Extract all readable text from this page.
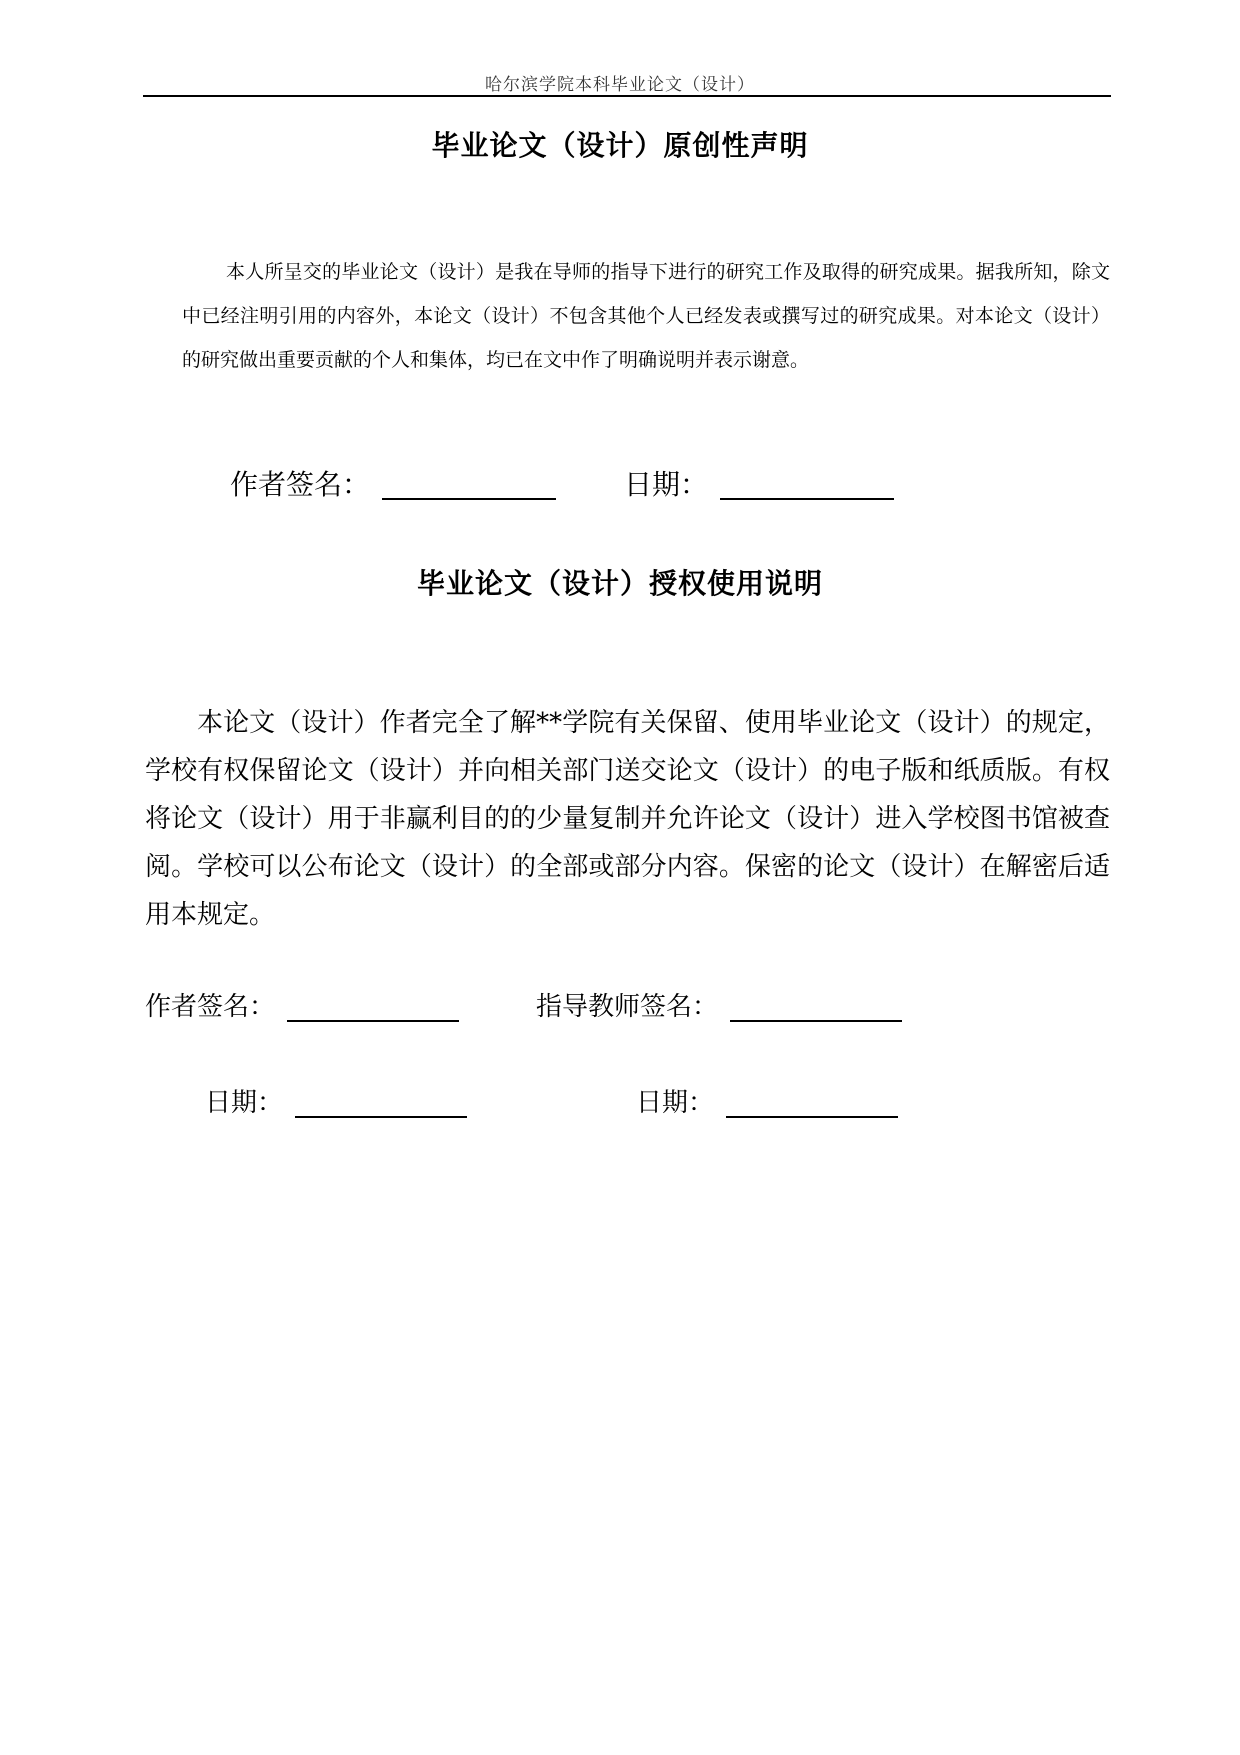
哈尔滨学院本科毕业论文（设计）
毕业论文（设计）原创性声明
本人所呈交的毕业论文（设计）是我在导师的指导下进行的研究工作及取得的研究成果。据我所知，除文中已经注明引用的内容外，本论文（设计）不包含其他个人已经发表或撰写过的研究成果。对本论文（设计）的研究做出重要贡献的个人和集体，均已在文中作了明确说明并表示谢意。
作者签名：	日期：
毕业论文（设计）授权使用说明
本论文（设计）作者完全了解**学院有关保留、使用毕业论文（设计）的规定，学校有权保留论文（设计）并向相关部门送交论文（设计）的电子版和纸质版。有权将论文（设计）用于非赢利目的的少量复制并允许论文（设计）进入学校图书馆被查阅。学校可以公布论文（设计）的全部或部分内容。保密的论文（设计）在解密后适用本规定。
作者签名：	指导教师签名：
日期：	日期：
